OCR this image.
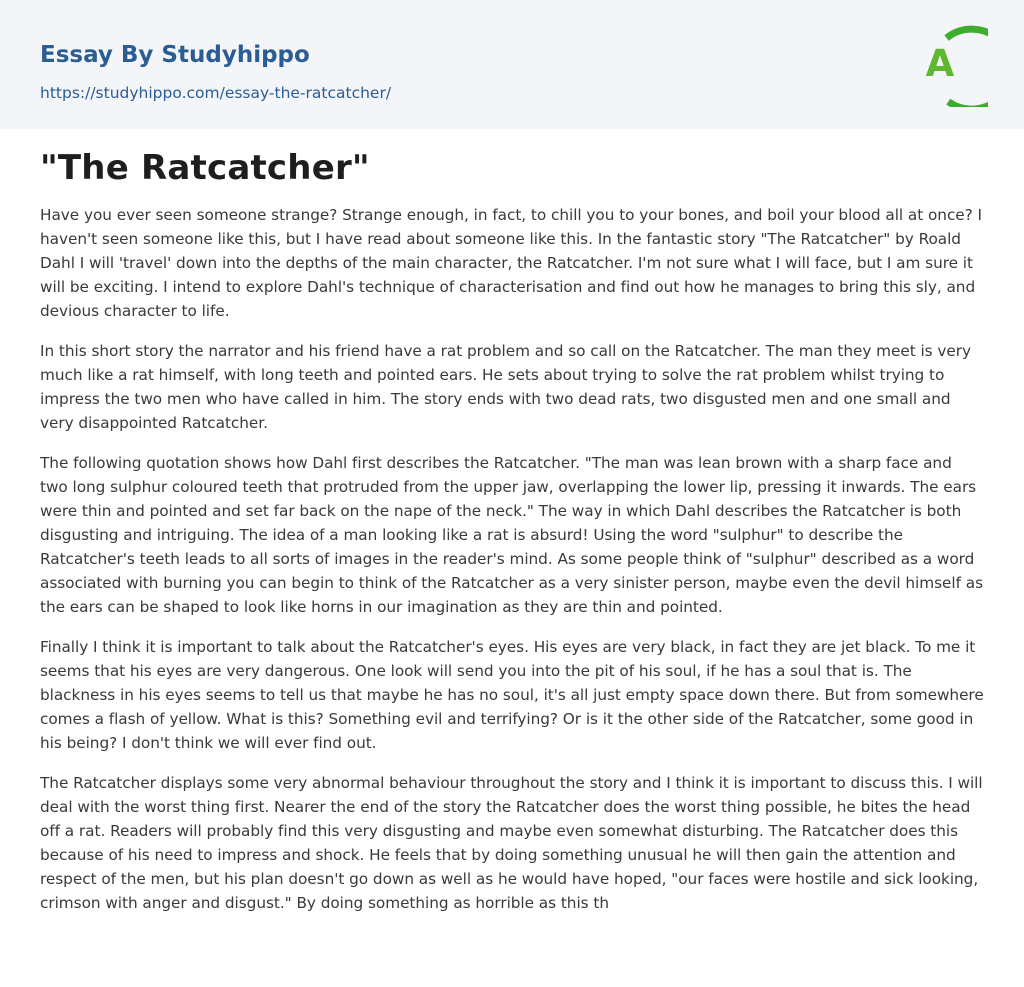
Essay By Studyhippo
https://studyhippo.com/essay-the-ratcatcher/
A
"The Ratcatcher"

Have you ever seen someone strange? Strange enough, in fact, to chill you to your bones, and boil your blood all at once? I haven't seen someone like this, but I have read about someone like this. In the fantastic story "The Ratcatcher" by Roald Dahl I will 'travel' down into the depths of the main character, the Ratcatcher. I'm not sure what I will face, but I am sure it will be exciting. I intend to explore Dahl's technique of characterisation and find out how he manages to bring this sly, and devious character to life.

In this short story the narrator and his friend have a rat problem and so call on the Ratcatcher. The man they meet is very much like a rat himself, with long teeth and pointed ears. He sets about trying to solve the rat problem whilst trying to impress the two men who have called in him. The story ends with two dead rats, two disgusted men and one small and very disappointed Ratcatcher.

The following quotation shows how Dahl first describes the Ratcatcher. "The man was lean brown with a sharp face and two long sulphur coloured teeth that protruded from the upper jaw, overlapping the lower lip, pressing it inwards. The ears were thin and pointed and set far back on the nape of the neck." The way in which Dahl describes the Ratcatcher is both disgusting and intriguing. The idea of a man looking like a rat is absurd! Using the word "sulphur" to describe the Ratcatcher's teeth leads to all sorts of images in the reader's mind. As some people think of "sulphur" described as a word associated with burning you can begin to think of the Ratcatcher as a very sinister person, maybe even the devil himself as the ears can be shaped to look like horns in our imagination as they are thin and pointed.

Finally I think it is important to talk about the Ratcatcher's eyes. His eyes are very black, in fact they are jet black. To me it seems that his eyes are very dangerous. One look will send you into the pit of his soul, if he has a soul that is. The blackness in his eyes seems to tell us that maybe he has no soul, it's all just empty space down there. But from somewhere comes a flash of yellow. What is this? Something evil and terrifying? Or is it the other side of the Ratcatcher, some good in his being? I don't think we will ever find out.

The Ratcatcher displays some very abnormal behaviour throughout the story and I think it is important to discuss this. I will deal with the worst thing first. Nearer the end of the story the Ratcatcher does the worst thing possible, he bites the head off a rat. Readers will probably find this very disgusting and maybe even somewhat disturbing. The Ratcatcher does this because of his need to impress and shock. He feels that by doing something unusual he will then gain the attention and respect of the men, but his plan doesn't go down as well as he would have hoped, "our faces were hostile and sick looking, crimson with anger and disgust." By doing something as horrible as this th
